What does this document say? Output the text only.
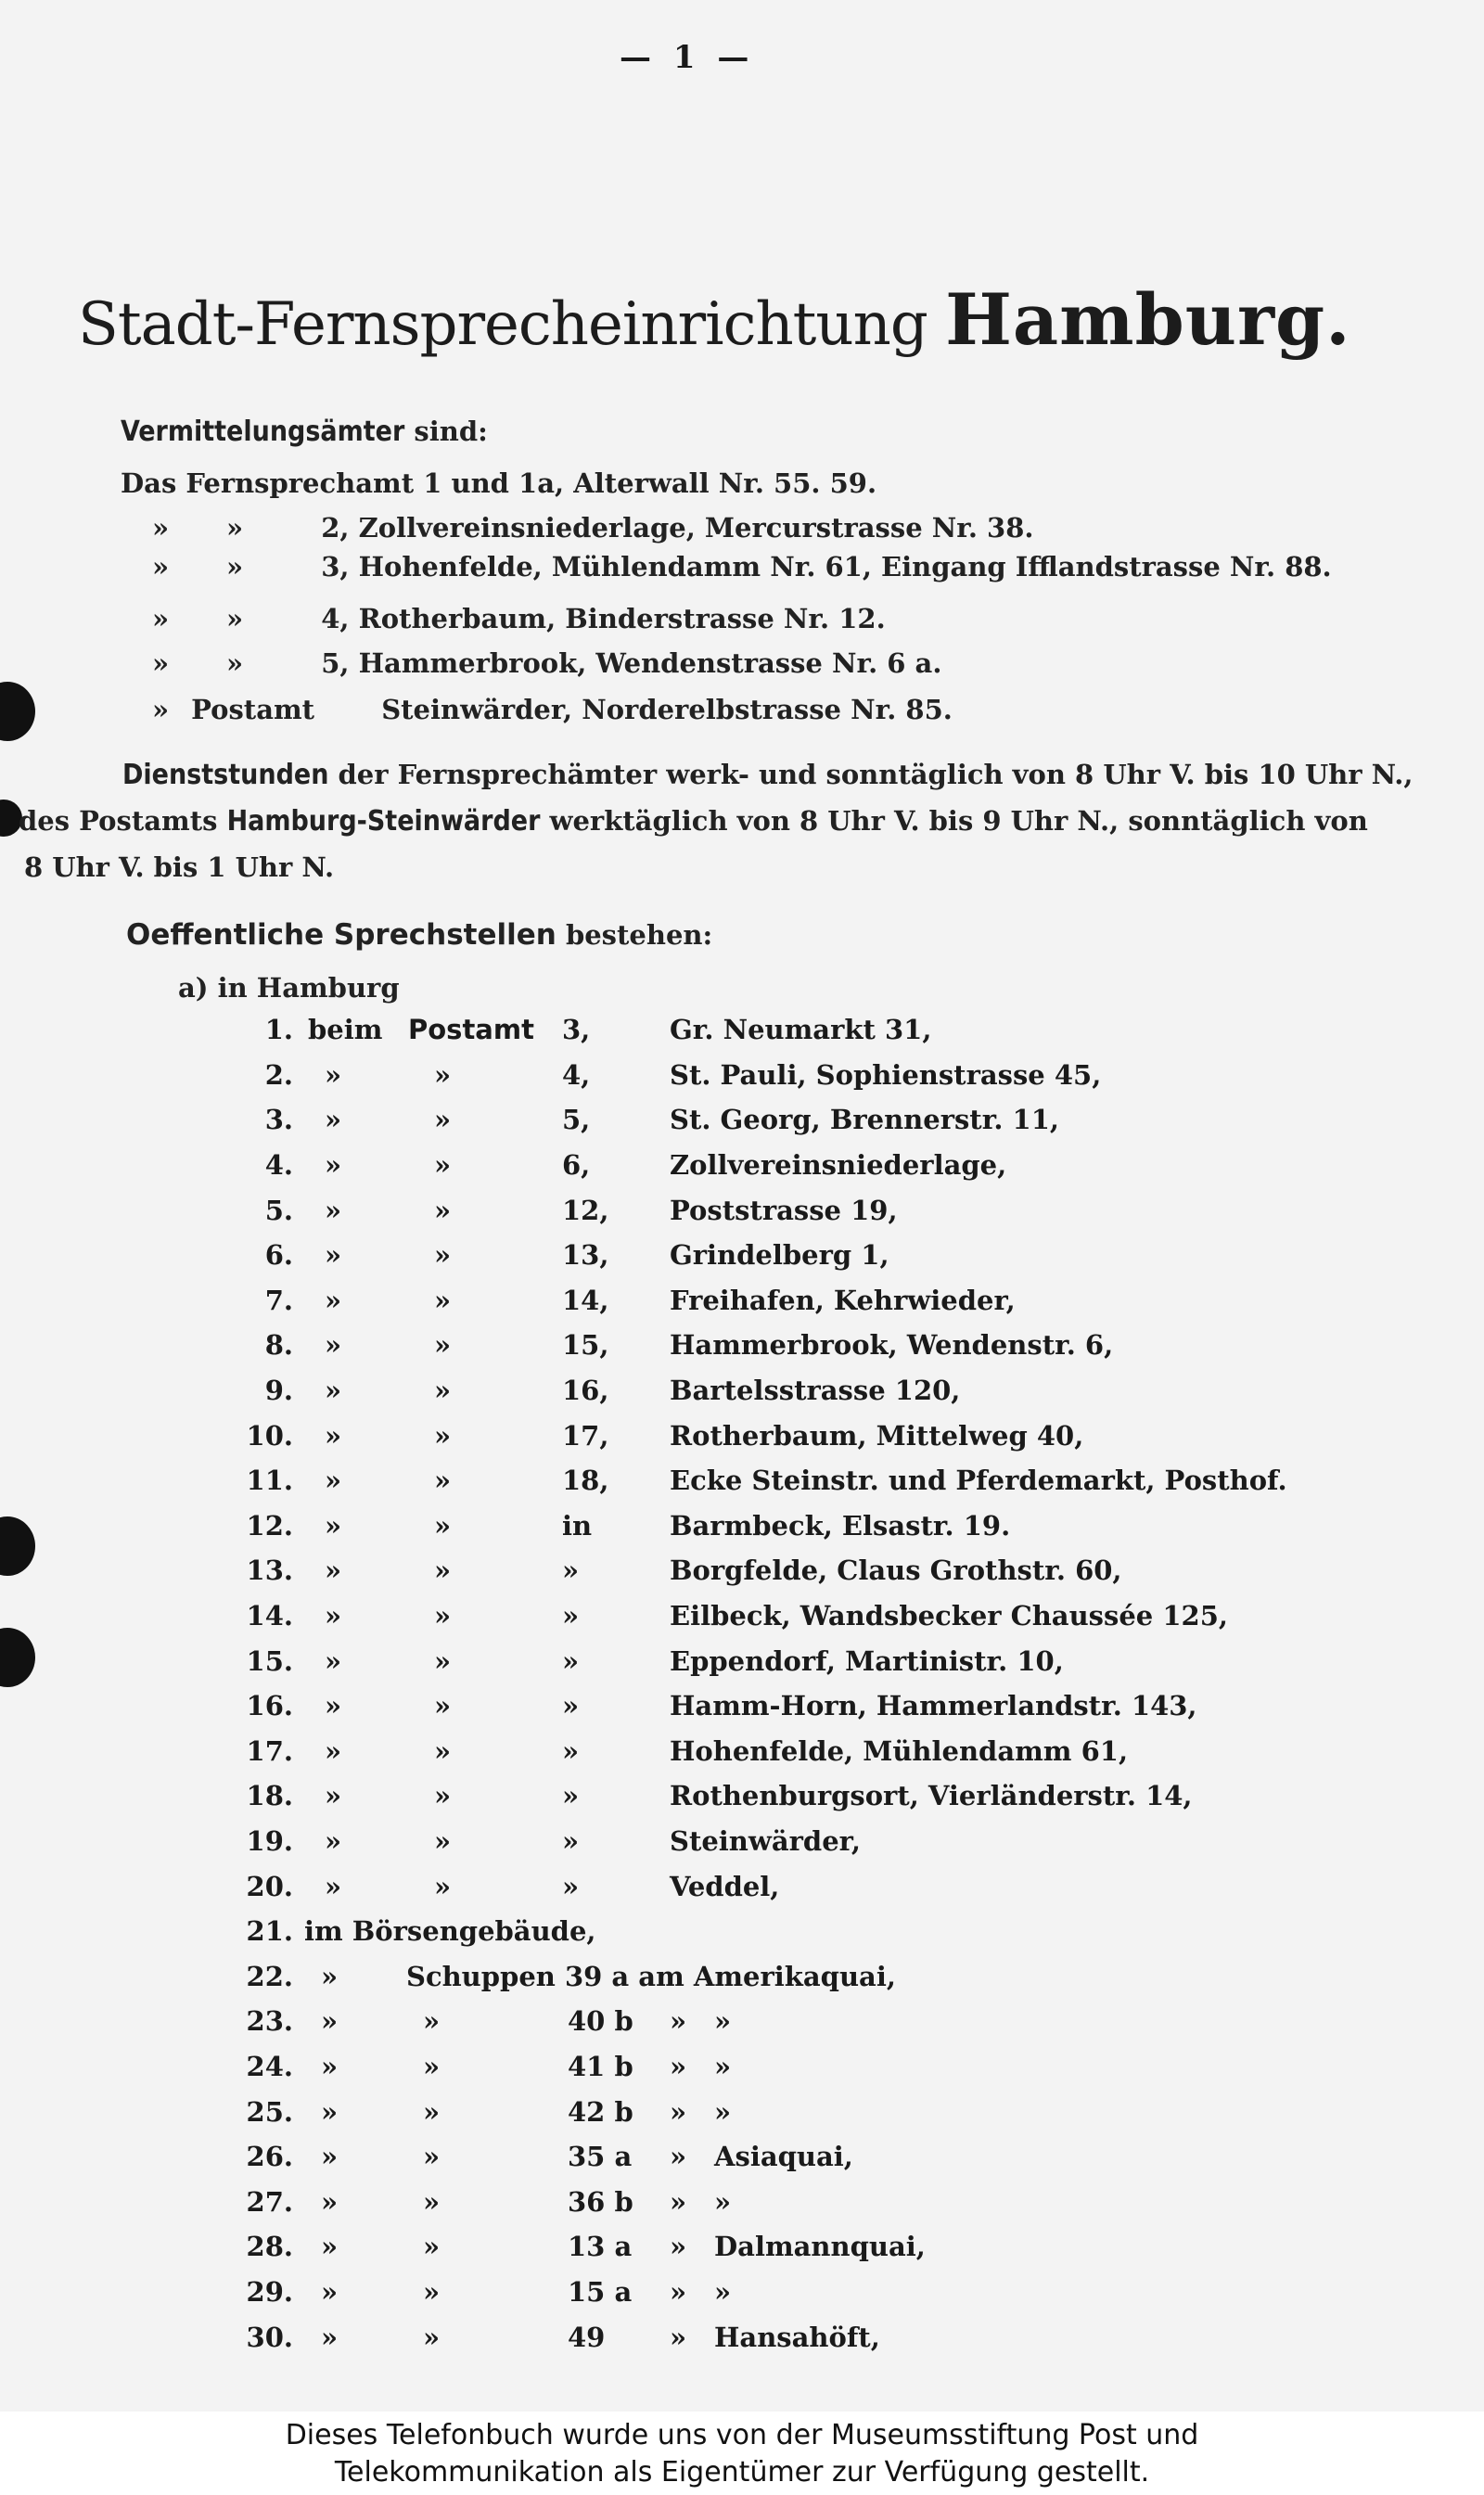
— 1 —
Stadt-Fernsprecheinrichtung Hamburg.
Vermittelungsämter sind:
Das Fernsprechamt 1 und 1a, Alterwall Nr. 55. 59.
» »	2, Zollvereinsniederlage, Mercurstrasse Nr. 38.
» »	3, Hohenfelde, Mühlendamm Nr. 61, Eingang Ifflandstrasse Nr. 88.
» »	4, Rotherbaum, Binderstrasse Nr. 12.
» »	5, Hammerbrook, Wendenstrasse Nr. 6 a.
» Postamt Steinwärder, Norderelbstrasse Nr. 85.
Dienststunden der Fernsprechämter werk- und sonntäglich von 8 Uhr V. bis 10 Uhr N.,
des Postamts Hamburg-Steinwärder werktäglich von 8 Uhr V. bis 9 Uhr N., sonntäglich von
8 Uhr V. bis 1 Uhr N.
Oeffentliche Sprechstellen bestehen:
a) in Hamburg
1.	beim	Postamt	3,	Gr. Neumarkt 31,	
2.	»	»	4,	St. Pauli, Sophienstrasse 45,	
3.	»	»	5,	St. Georg, Brennerstr. 11,	
4.	»	»	6,	Zollvereinsniederlage,	
5.	»	»	12,	Poststrasse 19,	
6.	»	»	13,	Grindelberg 1,	
7.	»	»	14,	Freihafen, Kehrwieder,	
8.	»	»	15,	Hammerbrook, Wendenstr. 6,	
9.	»	»	16,	Bartelsstrasse 120,	
10.	»	»	17,	Rotherbaum, Mittelweg 40,	
11.	»	»	18,	Ecke Steinstr. und Pferdemarkt, Posthof.	
12.	»	»	in	Barmbeck, Elsastr. 19.	
13.	»	»	»	Borgfelde, Claus Grothstr. 60,	
14.	»	»	»	Eilbeck, Wandsbecker Chaussée 125,	
15.	»	»	»	Eppendorf, Martinistr. 10,	
16.	»	»	»	Hamm-Horn, Hammerlandstr. 143,	
17.	»	»	»	Hohenfelde, Mühlendamm 61,	
18.	»	»	»	Rothenburgsort, Vierländerstr. 14,	
19.	»	»	»	Steinwärder,	
20.	»	»	»	Veddel,	
21.	im Börsengebäude,				
22.	»	Schuppen 39 a am Amerikaquai,			
23.	»	»	40 b	»	»
24.	»	»	41 b	»	»
25.	»	»	42 b	»	»
26.	»	»	35 a	»	Asiaquai,
27.	»	»	36 b	»	»
28.	»	»	13 a	»	Dalmannquai,
29.	»	»	15 a	»	»
30.	»	»	49	»	Hansahöft,
Dieses Telefonbuch wurde uns von der Museumsstiftung Post und
Telekommunikation als Eigentümer zur Verfügung gestellt.
